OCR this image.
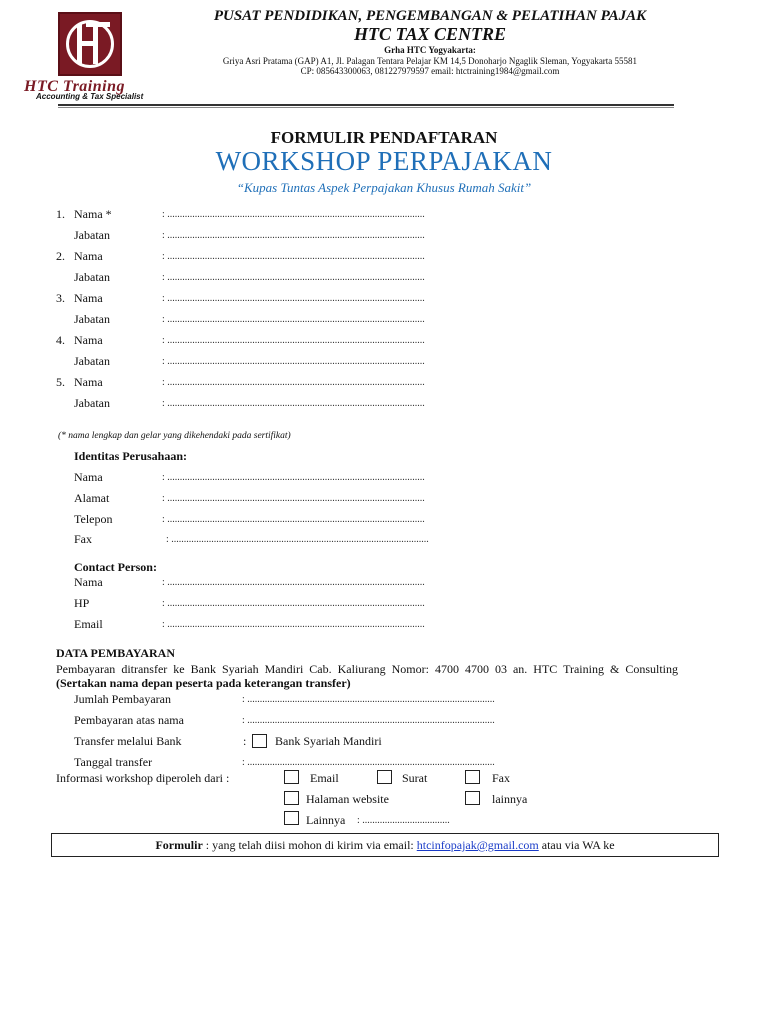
HTC Training
Accounting & Tax Specialist
PUSAT PENDIDIKAN, PENGEMBANGAN & PELATIHAN PAJAK
HTC TAX CENTRE
Grha HTC Yogyakarta:
Griya Asri Pratama (GAP) A1, Jl. Palagan Tentara Pelajar KM 14,5 Donoharjo Ngaglik Sleman, Yogyakarta 55581
CP: 085643300063, 081227979597 email: htctraining1984@gmail.com
FORMULIR PENDAFTARAN
WORKSHOP PERPAJAKAN
“Kupas Tuntas Aspek Perpajakan Khusus Rumah Sakit”
1. Nama *	: .......................................................................................................
Jabatan	: .......................................................................................................
2. Nama	: .......................................................................................................
Jabatan	: .......................................................................................................
3. Nama	: .......................................................................................................
Jabatan	: .......................................................................................................
4. Nama	: .......................................................................................................
Jabatan	: .......................................................................................................
5. Nama	: .......................................................................................................
Jabatan	: .......................................................................................................
(* nama lengkap dan gelar yang dikehendaki pada sertifikat)
Identitas Perusahaan:
Nama	: .......................................................................................................
Alamat	: .......................................................................................................
Telepon	: .......................................................................................................
Fax	: .......................................................................................................
Contact Person:
Nama	: .......................................................................................................
HP	: .......................................................................................................
Email	: .......................................................................................................
DATA PEMBAYARAN
Pembayaran ditransfer ke Bank Syariah Mandiri Cab. Kaliurang Nomor: 4700 4700 03 an. HTC Training & Consulting (Sertakan nama depan peserta pada keterangan transfer)
Jumlah Pembayaran	: ...................................................................................................
Pembayaran atas nama	: ...................................................................................................
Transfer melalui Bank	: Bank Syariah Mandiri
Tanggal transfer	: ...................................................................................................
Informasi workshop diperoleh dari :	Email	Surat	Fax
Halaman website	lainnya
Lainnya : ...................................
Formulir : yang telah diisi mohon di kirim via email: htcinfopajak@gmail.com atau via WA ke
